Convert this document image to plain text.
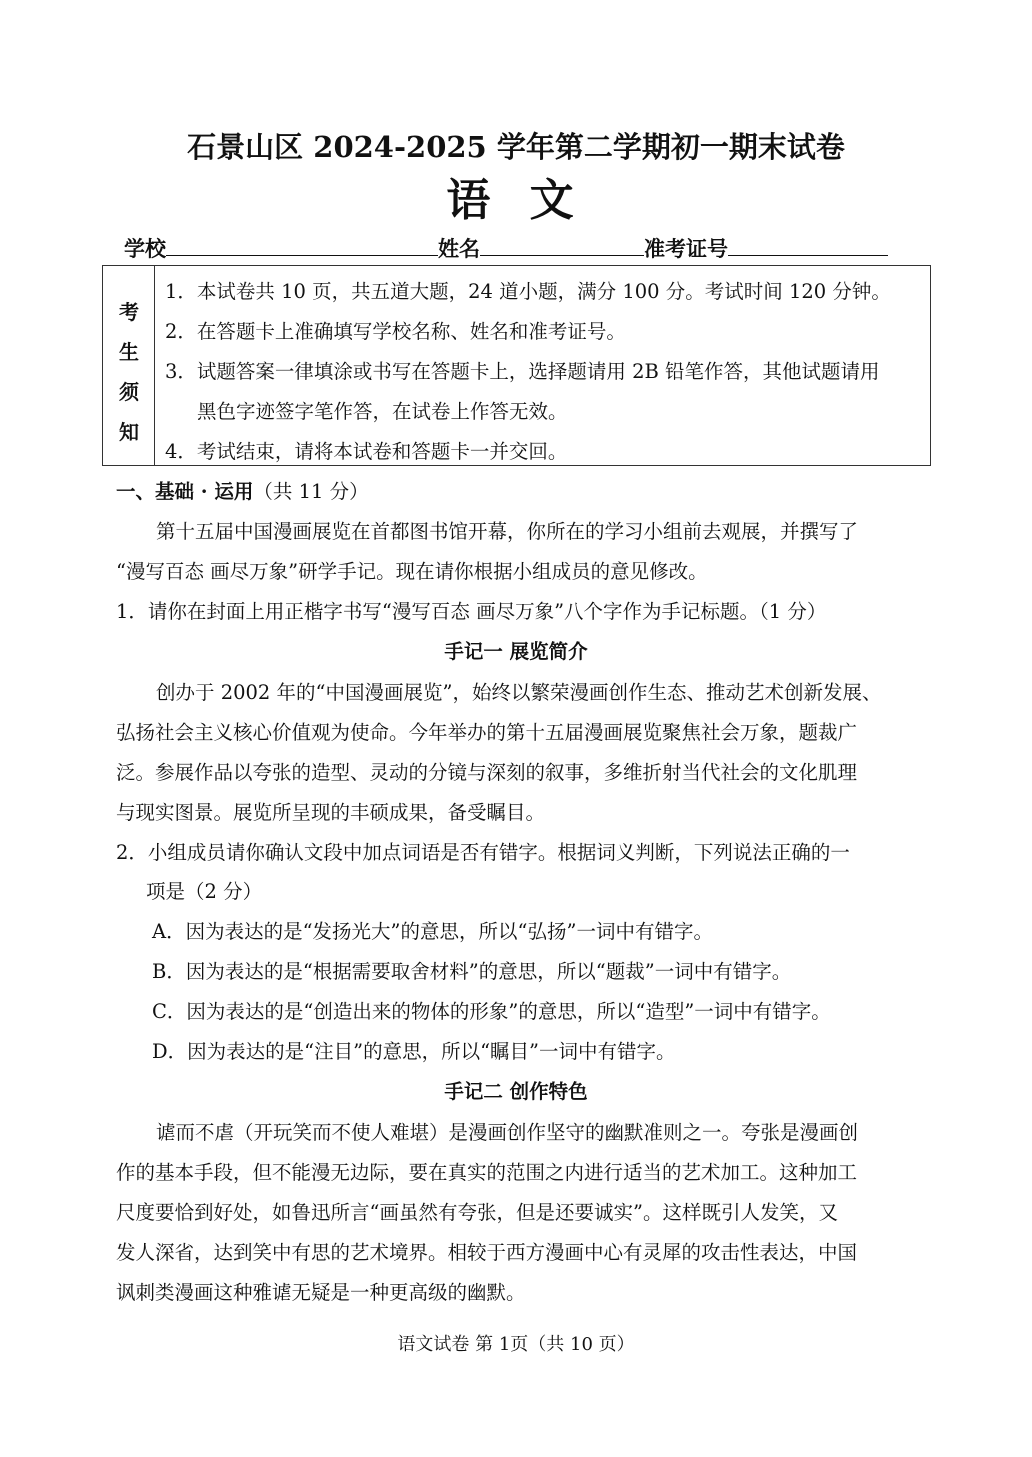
石景山区 2024-2025 学年第二学期初一期末试卷
语 文
学校	姓名	准考证号
考
生
须
知
1．本试卷共 10 页，共五道大题，24 道小题，满分 100 分。考试时间 120 分钟。
2．在答题卡上准确填写学校名称、姓名和准考证号。
3．试题答案一律填涂或书写在答题卡上，选择题请用 2B 铅笔作答，其他试题请用
黑色字迹签字笔作答，在试卷上作答无效。
4．考试结束，请将本试卷和答题卡一并交回。
一、基础 · 运用（共 11 分）
第十五届中国漫画展览在首都图书馆开幕，你所在的学习小组前去观展，并撰写了
“漫写百态 画尽万象”研学手记。现在请你根据小组成员的意见修改。
1．请你在封面上用正楷字书写“漫写百态 画尽万象”八个字作为手记标题。（1 分）
手记一 展览简介
创办于 2002 年的“中国漫画展览”，始终以繁荣漫画创作生态、推动艺术创新发展、
弘扬社会主义核心价值观为使命。今年举办的第十五届漫画展览聚焦社会万象，题裁广
泛。参展作品以夸张的造型、灵动的分镜与深刻的叙事，多维折射当代社会的文化肌理
与现实图景。展览所呈现的丰硕成果，备受瞩目。
2．小组成员请你确认文段中加点词语是否有错字。根据词义判断，下列说法正确的一
项是（2 分）
A．因为表达的是“发扬光大”的意思，所以“弘扬”一词中有错字。
B．因为表达的是“根据需要取舍材料”的意思，所以“题裁”一词中有错字。
C．因为表达的是“创造出来的物体的形象”的意思，所以“造型”一词中有错字。
D．因为表达的是“注目”的意思，所以“瞩目”一词中有错字。
手记二 创作特色
谑而不虐（开玩笑而不使人难堪）是漫画创作坚守的幽默准则之一。夸张是漫画创
作的基本手段，但不能漫无边际，要在真实的范围之内进行适当的艺术加工。这种加工
尺度要恰到好处，如鲁迅所言“画虽然有夸张，但是还要诚实”。这样既引人发笑，又
发人深省，达到笑中有思的艺术境界。相较于西方漫画中心有灵犀的攻击性表达，中国
讽刺类漫画这种雅谑无疑是一种更高级的幽默。
语文试卷 第 1页（共 10 页）
